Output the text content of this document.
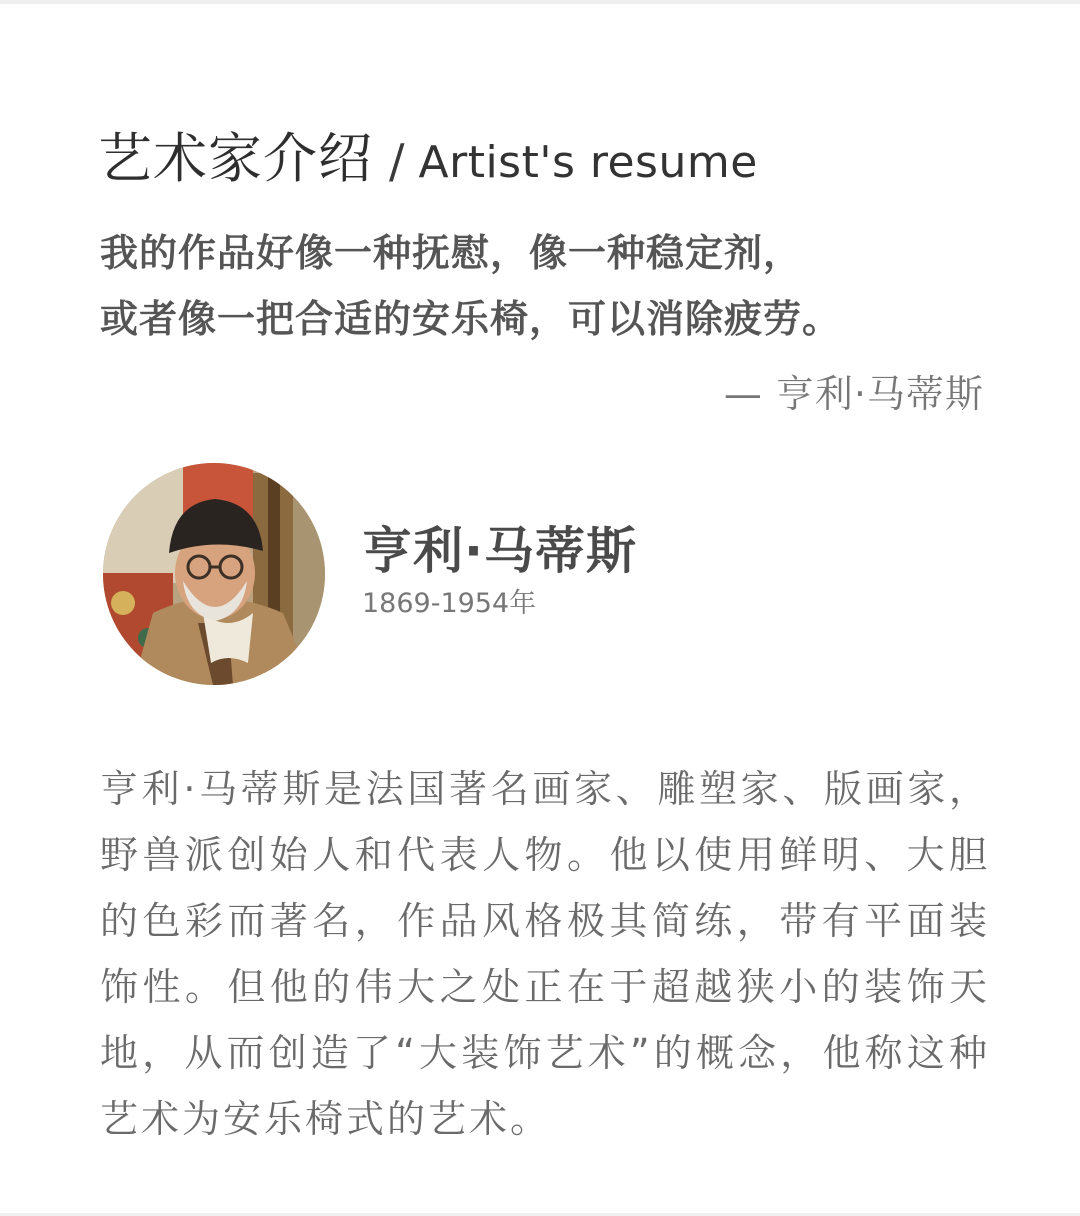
艺术家介绍 / Artist's resume

我的作品好像一种抚慰，像一种稳定剂，

或者像一把合适的安乐椅，可以消除疲劳。

— 亨利·马蒂斯
亨利·马蒂斯
1869-1954年

亨利·马蒂斯是法国著名画家、雕塑家、版画家，野兽派创始人和代表人物。他以使用鲜明、大胆的色彩而著名，作品风格极其简练，带有平面装饰性。但他的伟大之处正在于超越狭小的装饰天地，从而创造了“大装饰艺术”的概念，他称这种艺术为安乐椅式的艺术。
